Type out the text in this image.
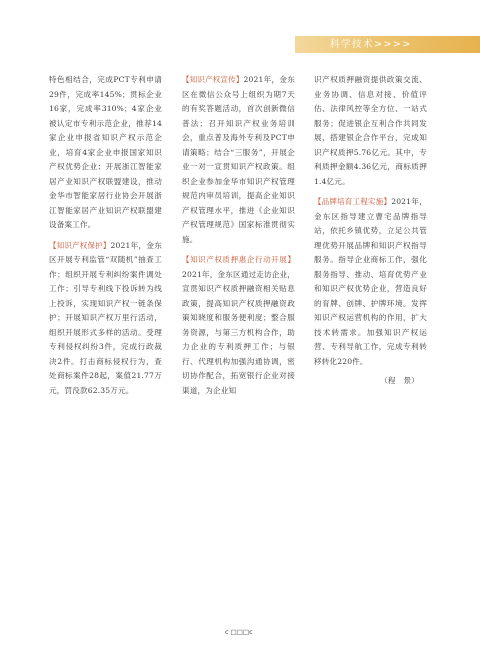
科学技术>>>>

特色相结合，完成PCT专利申请29件，完成率145%；贯标企业16家，完成率310%；4家企业被认定市专利示范企业，推荐14家企业申报省知识产权示范企业，培育4家企业申报国家知识产权优势企业；开展浙江智能家居产业知识产权联盟建设，推动金华市智能家居行业协会开展浙江智能家居产业知识产权联盟建设备案工作。

【知识产权保护】2021年，金东区开展专利监管“双随机”抽查工作；组织开展专利纠纷案件调处工作；引导专利线下投诉转为线上投诉，实现知识产权一链条保护；开展知识产权万里行活动，组织开展形式多样的活动。受理专利侵权纠纷3件，完成行政裁决2件。打击商标侵权行为，查处商标案件28起，案值21.77万元，罚没款62.35万元。

【知识产权宣传】2021年，金东区在微信公众号上组织为期7天的有奖答题活动，首次创新微信普法；召开知识产权业务培训会，重点普及海外专利及PCT申请策略；结合“三服务”，开展企业一对一宣贯知识产权政策。组织企业参加金华市知识产权管理规范内审员培训，提高企业知识产权管理水平，推进《企业知识产权管理规范》国家标准贯彻实施。

【知识产权质押惠企行动开展】2021年，金东区通过走访企业，宣贯知识产权质押融资相关贴息政策，提高知识产权质押融资政策知晓度和服务便利度；整合服务资源，与第三方机构合作，助力企业的专利质押工作；与银行、代理机构加强沟通协调，密切协作配合，拓宽银行企业对接渠道，为企业知

识产权质押融资提供政策交流、业务协调、信息对接、价值评估、法律风控等全方位、一站式服务；促进银企互利合作共同发展，搭建银企合作平台，完成知识产权质押5.76亿元。其中，专利质押金额4.36亿元，商标质押1.4亿元。

【品牌培育工程实施】2021年，金东区指导建立曹宅品牌指导站，依托乡镇优势，立足公共管理优势开展品牌和知识产权指导服务。指导企业商标工作，强化服务指导、推动、培育优势产业和知识产权优势企业，营造良好的育牌、创牌、护牌环境。发挥知识产权运营机构的作用，扩大技术转需求。加强知识产权运营、专利导航工作，完成专利转移转化220件。

（程　景）

c □□□c
